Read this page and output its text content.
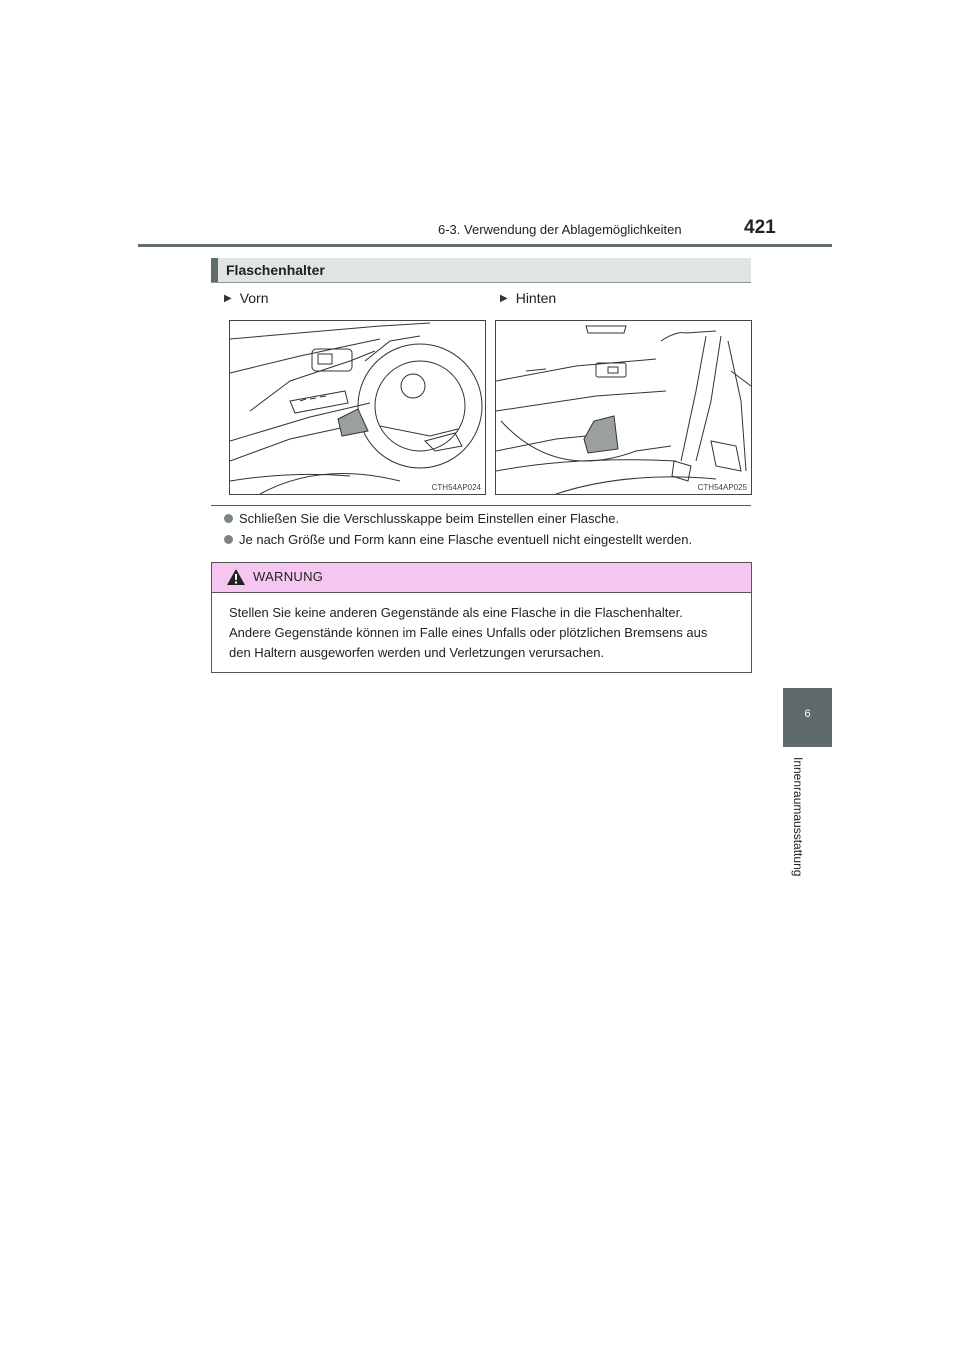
6-3. Verwendung der Ablagemöglichkeiten	421
6
Innenraumausstattung
Flaschenhalter
▶ Vorn	▶ Hinten
CTH54AP024	CTH54AP025
Schließen Sie die Verschlusskappe beim Einstellen einer Flasche.
Je nach Größe und Form kann eine Flasche eventuell nicht eingestellt werden.
WARNUNG
Stellen Sie keine anderen Gegenstände als eine Flasche in die Flaschenhalter.
Andere Gegenstände können im Falle eines Unfalls oder plötzlichen Bremsens aus
den Haltern ausgeworfen werden und Verletzungen verursachen.
